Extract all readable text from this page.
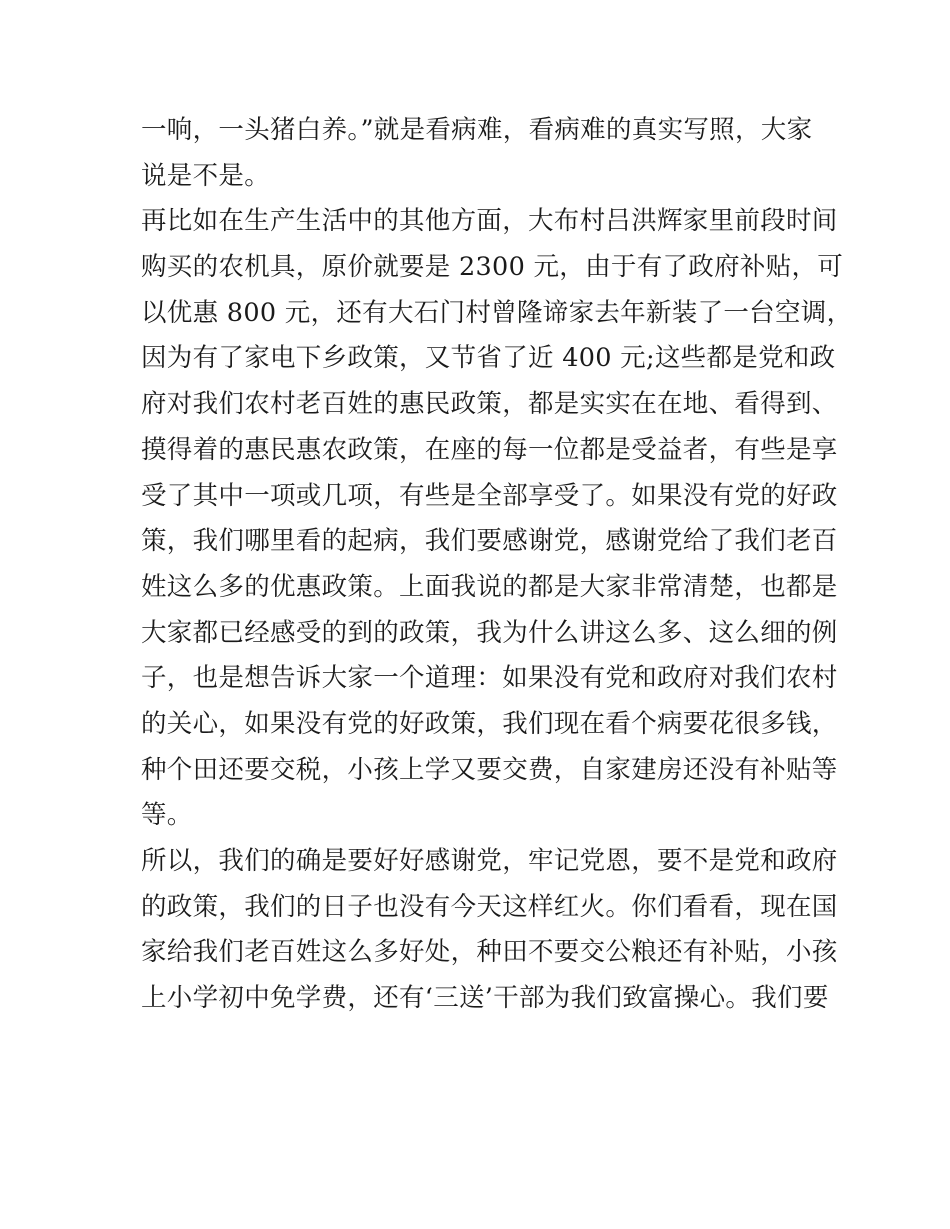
一响，一头猪白养。”就是看病难，看病难的真实写照，大家
说是不是。
再比如在生产生活中的其他方面，大布村吕洪辉家里前段时间
购买的农机具，原价就要是 2300 元，由于有了政府补贴，可
以优惠 800 元，还有大石门村曾隆谛家去年新装了一台空调，
因为有了家电下乡政策，又节省了近 400 元;这些都是党和政
府对我们农村老百姓的惠民政策，都是实实在在地、看得到、
摸得着的惠民惠农政策，在座的每一位都是受益者，有些是享
受了其中一项或几项，有些是全部享受了。如果没有党的好政
策，我们哪里看的起病，我们要感谢党，感谢党给了我们老百
姓这么多的优惠政策。上面我说的都是大家非常清楚，也都是
大家都已经感受的到的政策，我为什么讲这么多、这么细的例
子，也是想告诉大家一个道理：如果没有党和政府对我们农村
的关心，如果没有党的好政策，我们现在看个病要花很多钱，
种个田还要交税，小孩上学又要交费，自家建房还没有补贴等
等。
所以，我们的确是要好好感谢党，牢记党恩，要不是党和政府
的政策，我们的日子也没有今天这样红火。你们看看，现在国
家给我们老百姓这么多好处，种田不要交公粮还有补贴，小孩
上小学初中免学费，还有‘三送’干部为我们致富操心。我们要
